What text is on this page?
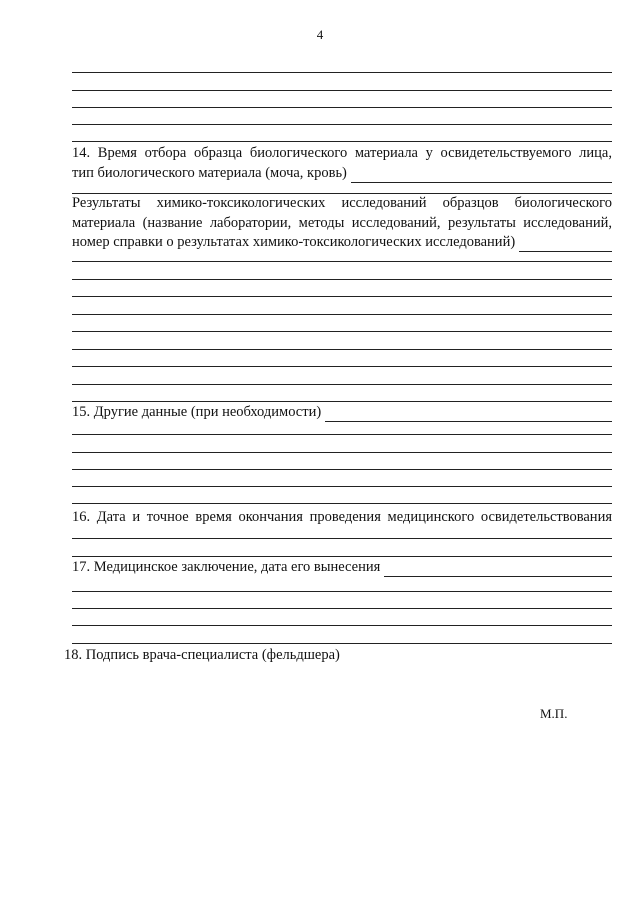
4
14. Время отбора образца биологического материала у освидетельствуемого лица,
тип биологического материала (моча, кровь)
Результаты химико-токсикологических исследований образцов биологического
материала (название лаборатории, методы исследований, результаты исследований,
номер справки о результатах химико-токсикологических исследований)
15. Другие данные (при необходимости)
16. Дата и точное время окончания проведения медицинского освидетельствования
17. Медицинское заключение, дата его вынесения
18. Подпись врача-специалиста (фельдшера)
М.П.
